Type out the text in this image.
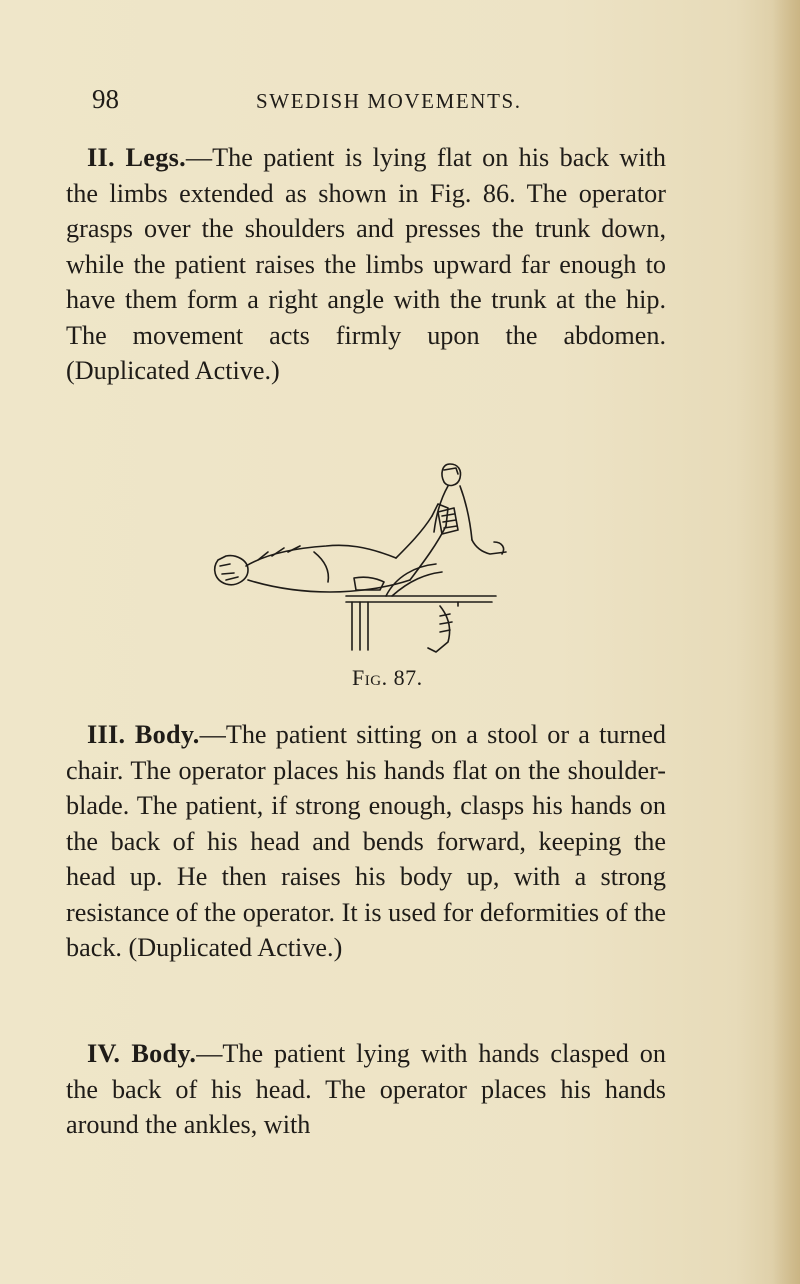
98	SWEDISH MOVEMENTS.
II. Legs.—The patient is lying flat on his back with the limbs extended as shown in Fig. 86. The operator grasps over the shoulders and presses the trunk down, while the patient raises the limbs upward far enough to have them form a right angle with the trunk at the hip. The movement acts firmly upon the abdomen. (Duplicated Active.)
Fig. 87.
III. Body.—The patient sitting on a stool or a turned chair. The operator places his hands flat on the shoulder-blade. The patient, if strong enough, clasps his hands on the back of his head and bends forward, keeping the head up. He then raises his body up, with a strong resistance of the operator. It is used for deformities of the back. (Duplicated Active.)
IV. Body.—The patient lying with hands clasped on the back of his head. The operator places his hands around the ankles, with
